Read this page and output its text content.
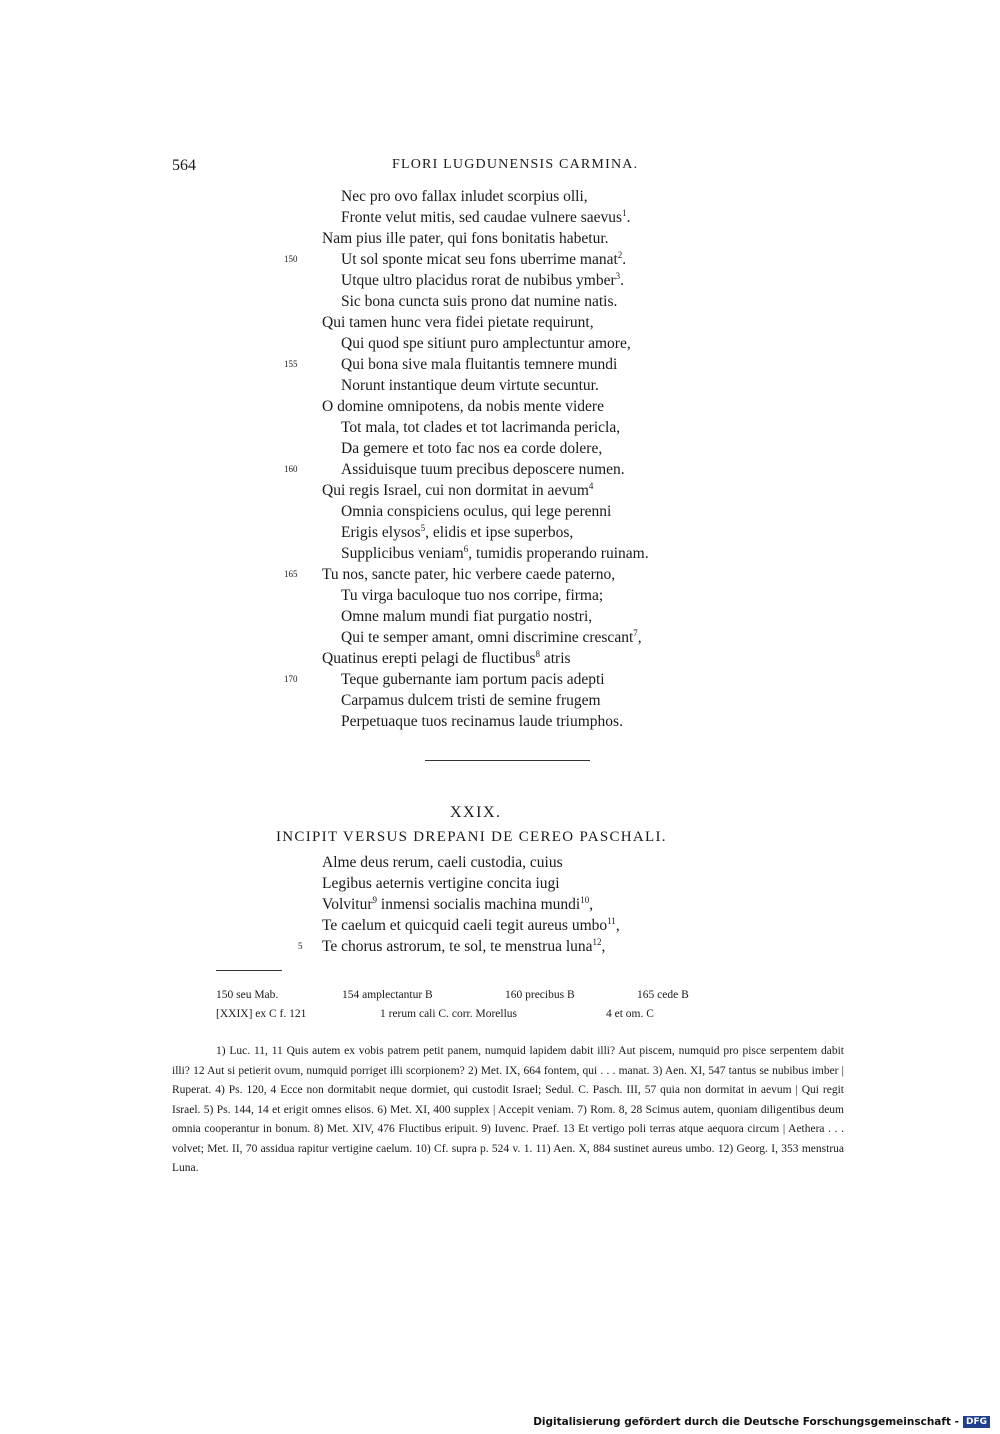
564	FLORI LUGDUNENSIS CARMINA.
Nec pro ovo fallax inludet scorpius olli,
Fronte velut mitis, sed caudae vulnere saevus$^1$.
Nam pius ille pater, qui fons bonitatis habetur.
150	Ut sol sponte micat seu fons uberrime manat$^2$.
Utque ultro placidus rorat de nubibus ymber$^3$.
Sic bona cuncta suis prono dat numine natis.
Qui tamen hunc vera fidei pietate requirunt,
Qui quod spe sitiunt puro amplectuntur amore,
155	Qui bona sive mala fluitantis temnere mundi
Norunt instantique deum virtute secuntur.
O domine omnipotens, da nobis mente videre
Tot mala, tot clades et tot lacrimanda pericla,
Da gemere et toto fac nos ea corde dolere,
160	Assiduisque tuum precibus deposcere numen.
Qui regis Israel, cui non dormitat in aevum$^4$
Omnia conspiciens oculus, qui lege perenni
Erigis elysos$^5$, elidis et ipse superbos,
Supplicibus veniam$^6$, tumidis properando ruinam.
165 Tu nos, sancte pater, hic verbere caede paterno,
Tu virga baculoque tuo nos corripe, firma;
Omne malum mundi fiat purgatio nostri,
Qui te semper amant, omni discrimine crescant$^7$,
Quatinus erepti pelagi de fluctibus$^8$ atris
170	Teque gubernante iam portum pacis adepti
Carpamus dulcem tristi de semine frugem
Perpetuaque tuos recinamus laude triumphos.
XXIX.
INCIPIT VERSUS DREPANI DE CEREO PASCHALI.
Alme deus rerum, caeli custodia, cuius
Legibus aeternis vertigine concita iugi
Volvitur$^9$ inmensi socialis machina mundi$^{10}$,
Te caelum et quicquid caeli tegit aureus umbo$^{11}$,
5 Te chorus astrorum, te sol, te menstrua luna$^{12}$,
150 seu Mab.	154 amplectantur B	160 precibus B	165 cede B
[XXIX] ex C f. 121	1 rerum cali C. corr. Morellus	4 et om. C

1) Luc. 11, 11 Quis autem ex vobis patrem petit panem, numquid lapidem dabit illi? Aut piscem, numquid pro pisce serpentem dabit illi? 12 Aut si petierit ovum, numquid porriget illi scorpionem? 2) Met. IX, 664 fontem, qui . . . manat. 3) Aen. XI, 547 tantus se nubibus imber | Ruperat. 4) Ps. 120, 4 Ecce non dormitabit neque dormiet, qui custodit Israel; Sedul. C. Pasch. III, 57 quia non dormitat in aevum | Qui regit Israel. 5) Ps. 144, 14 et erigit omnes elisos. 6) Met. XI, 400 supplex | Accepit veniam. 7) Rom. 8, 28 Scimus autem, quoniam diligentibus deum omnia cooperantur in bonum. 8) Met. XIV, 476 Fluctibus eripuit. 9) Iuvenc. Praef. 13 Et vertigo poli terras atque aequora circum | Aethera . . . volvet; Met. II, 70 assidua rapitur vertigine caelum. 10) Cf. supra p. 524 v. 1. 11) Aen. X, 884 sustinet aureus umbo. 12) Georg. I, 353 menstrua Luna.

Digitalisierung gefördert durch die Deutsche Forschungsgemeinschaft - DFG
